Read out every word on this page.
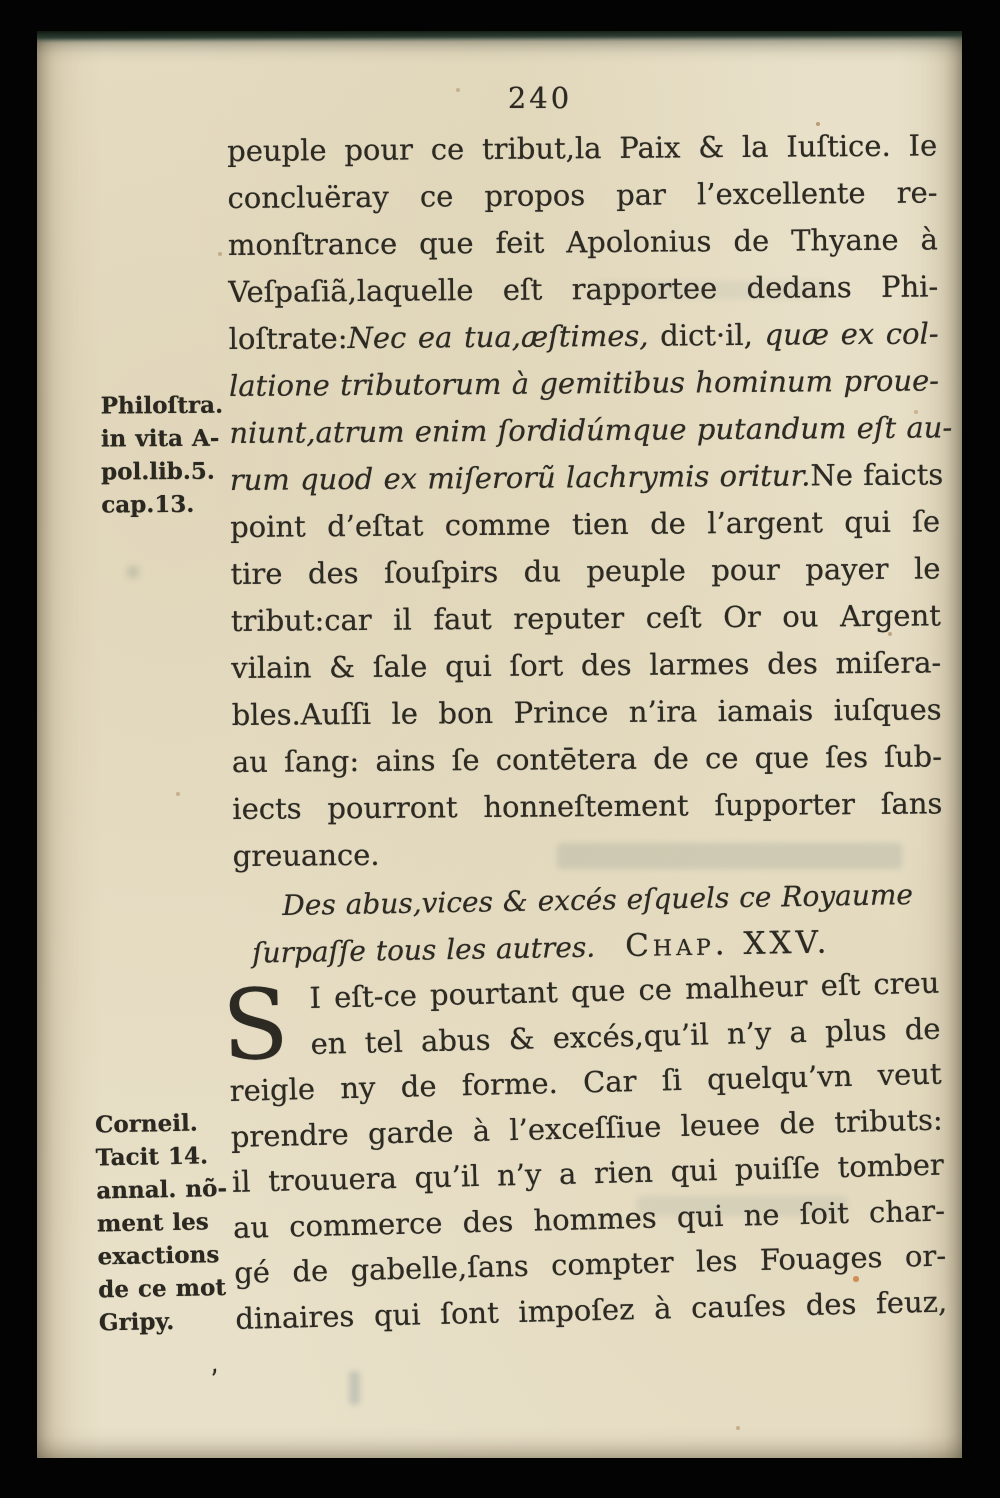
240
Philoſtra.
in vita A-
pol.lib.5.
cap.13.
Corneil.
Tacit 14.
annal. nõ-
ment les
exactions
de ce mot
Gripy.
peuple pour ce tribut,la Paix & la Iuſtice. Ie
concluëray ce propos par l’excellente re-
monſtrance que feit Apolonius de Thyane à
Veſpaſiã,laquelle eſt rapportee dedans Phi-
loſtrate:Nec ea tua,æſtimes, dict·il, quæ ex col-
latione tributorum à gemitibus hominum proue-
niunt,atrum enim ſordidúmque putandum eſt au-
rum quod ex miſerorũ lachrymis oritur.Ne faicts
point d’eſtat comme tien de l’argent qui ſe
tire des ſouſpirs du peuple pour payer le
tribut:car il faut reputer ceſt Or ou Argent
vilain & ſale qui ſort des larmes des miſera-
bles.Auſſi le bon Prince n’ira iamais iuſques
au ſang: ains ſe contētera de ce que ſes ſub-
iects pourront honneſtement ſupporter ſans
greuance.
Des abus,vices & excés eſquels ce Royaume
ſurpaſſe tous les autres. Chap. XXV.
S I eſt-ce pourtant que ce malheur eſt creu
en tel abus & excés,qu’il n’y a plus de
reigle ny de forme. Car ſi quelqu’vn veut
prendre garde à l’exceſſiue leuee de tributs:
il trouuera qu’il n’y a rien qui puiſſe tomber
au commerce des hommes qui ne ſoit char-
gé de gabelle,ſans compter les Fouages or-
dinaires qui ſont impoſez à cauſes des feuz,
‚
